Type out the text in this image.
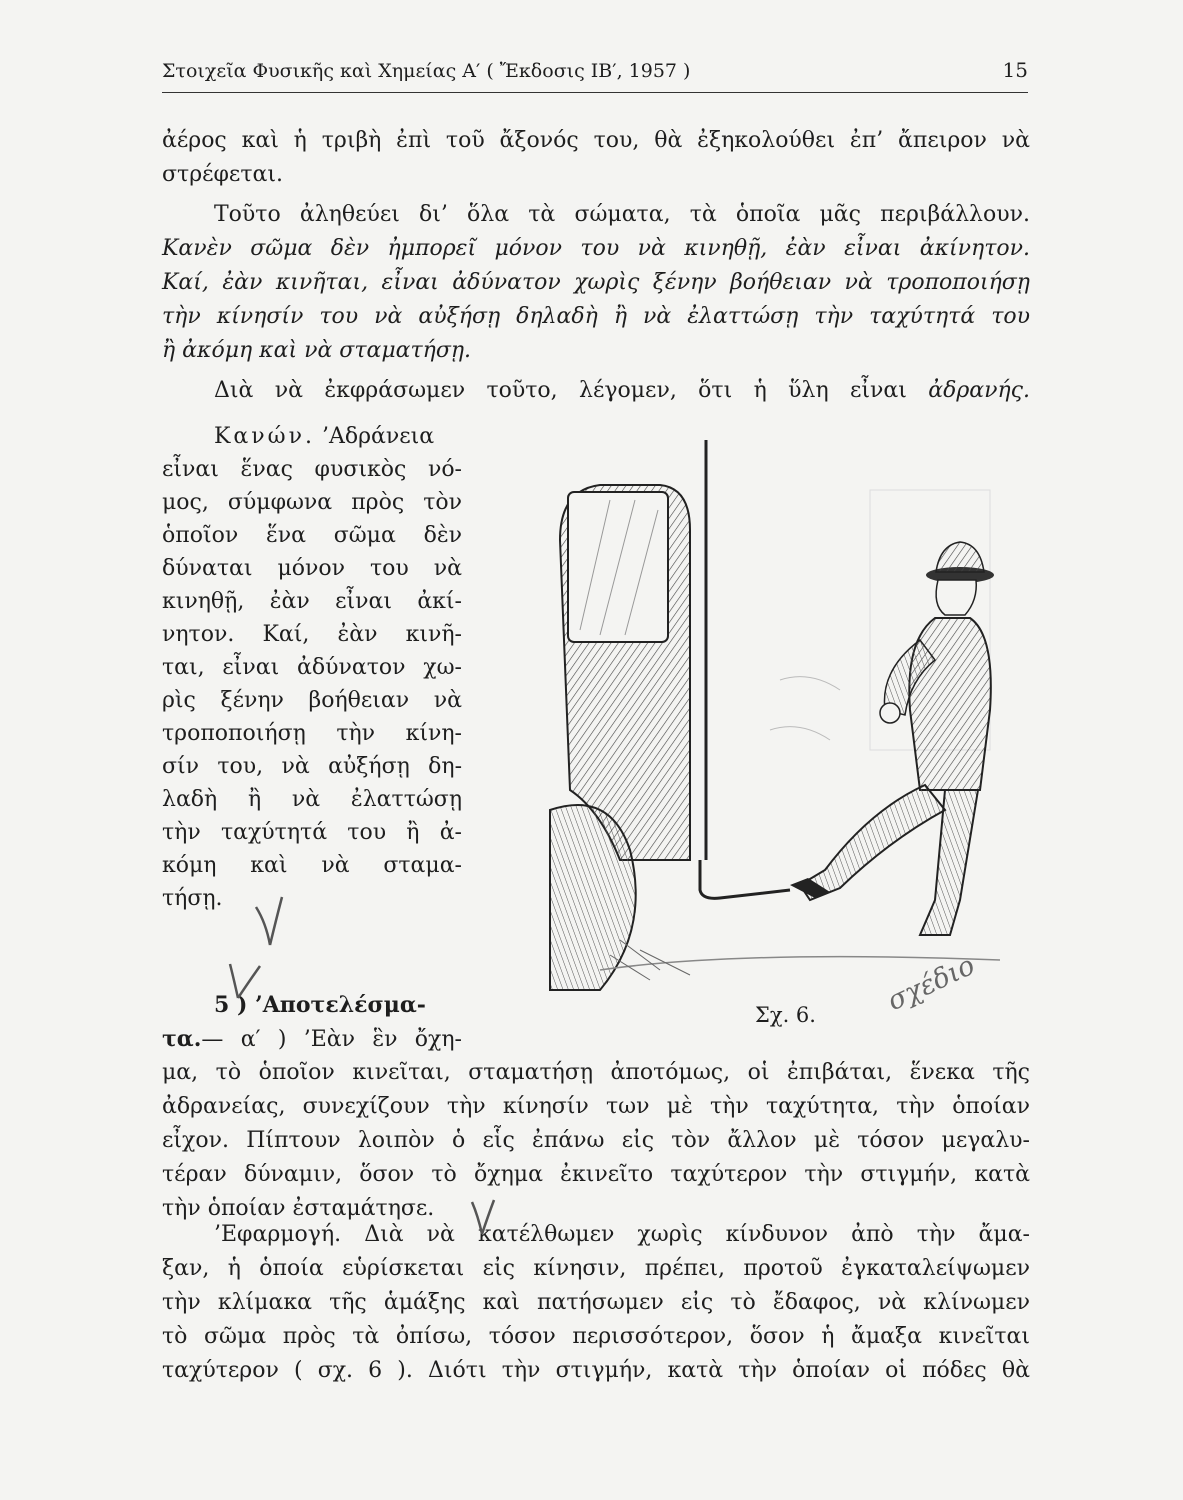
Στοιχεῖα Φυσικῆς καὶ Χημείας Α′ ( Ἔκδοσις ΙΒ′, 1957 )	15
ἀέρος καὶ ἡ τριβὴ ἐπὶ τοῦ ἄξονός του, θὰ ἐξηκολούθει ἐπ’ ἄπειρον νὰ
στρέφεται.
Τοῦτο ἀληθεύει δι’ ὅλα τὰ σώματα, τὰ ὁποῖα μᾶς περιβάλλουν.
Κανὲν σῶμα δὲν ἠμπορεῖ μόνον του νὰ κινηθῇ, ἐὰν εἶναι ἀκίνητον.
Καί, ἐὰν κινῆται, εἶναι ἀδύνατον χωρὶς ξένην βοήθειαν νὰ τροποποιήσῃ
τὴν κίνησίν του νὰ αὐξήσῃ δηλαδὴ ἢ νὰ ἐλαττώσῃ τὴν ταχύτητά του
ἢ ἀκόμη καὶ νὰ σταματήσῃ.
Διὰ νὰ ἐκφράσωμεν τοῦτο, λέγομεν, ὅτι ἡ ὕλη εἶναι ἀδρανής.
Κανών. ’Αδράνεια
εἶναι ἕνας φυσικὸς νό-
μος, σύμφωνα πρὸς τὸν
ὁποῖον ἕνα σῶμα δὲν
δύναται μόνον του νὰ
κινηθῇ, ἐὰν εἶναι ἀκί-
νητον. Καί, ἐὰν κινῆ-
ται, εἶναι ἀδύνατον χω-
ρὶς ξένην βοήθειαν νὰ
τροποποιήσῃ τὴν κίνη-
σίν του, νὰ αὐξήσῃ δη-
λαδὴ ἢ νὰ ἐλαττώσῃ
τὴν ταχύτητά του ἢ ἀ-
κόμη καὶ νὰ σταμα-
τήσῃ.
5 ) ’Αποτελέσμα-
τα.— α′ ) ’Εὰν ἓν ὄχη-
μα, τὸ ὁποῖον κινεῖται, σταματήσῃ ἀποτόμως, οἱ ἐπιβάται, ἕνεκα τῆς
ἀδρανείας, συνεχίζουν τὴν κίνησίν των μὲ τὴν ταχύτητα, τὴν ὁποίαν
εἶχον. Πίπτουν λοιπὸν ὁ εἷς ἐπάνω εἰς τὸν ἄλλον μὲ τόσον μεγαλυ-
τέραν δύναμιν, ὅσον τὸ ὄχημα ἐκινεῖτο ταχύτερον τὴν στιγμήν, κατὰ
τὴν ὁποίαν ἐσταμάτησε.
’Εφαρμογή. Διὰ νὰ κατέλθωμεν χωρὶς κίνδυνον ἀπὸ τὴν ἄμα-
ξαν, ἡ ὁποία εὑρίσκεται εἰς κίνησιν, πρέπει, προτοῦ ἐγκαταλείψωμεν
τὴν κλίμακα τῆς ἁμάξης καὶ πατήσωμεν εἰς τὸ ἔδαφος, νὰ κλίνωμεν
τὸ σῶμα πρὸς τὰ ὀπίσω, τόσον περισσότερον, ὅσον ἡ ἄμαξα κινεῖται
ταχύτερον ( σχ. 6 ). Διότι τὴν στιγμήν, κατὰ τὴν ὁποίαν οἱ πόδες θὰ
Σχ. 6. σχέδιο
